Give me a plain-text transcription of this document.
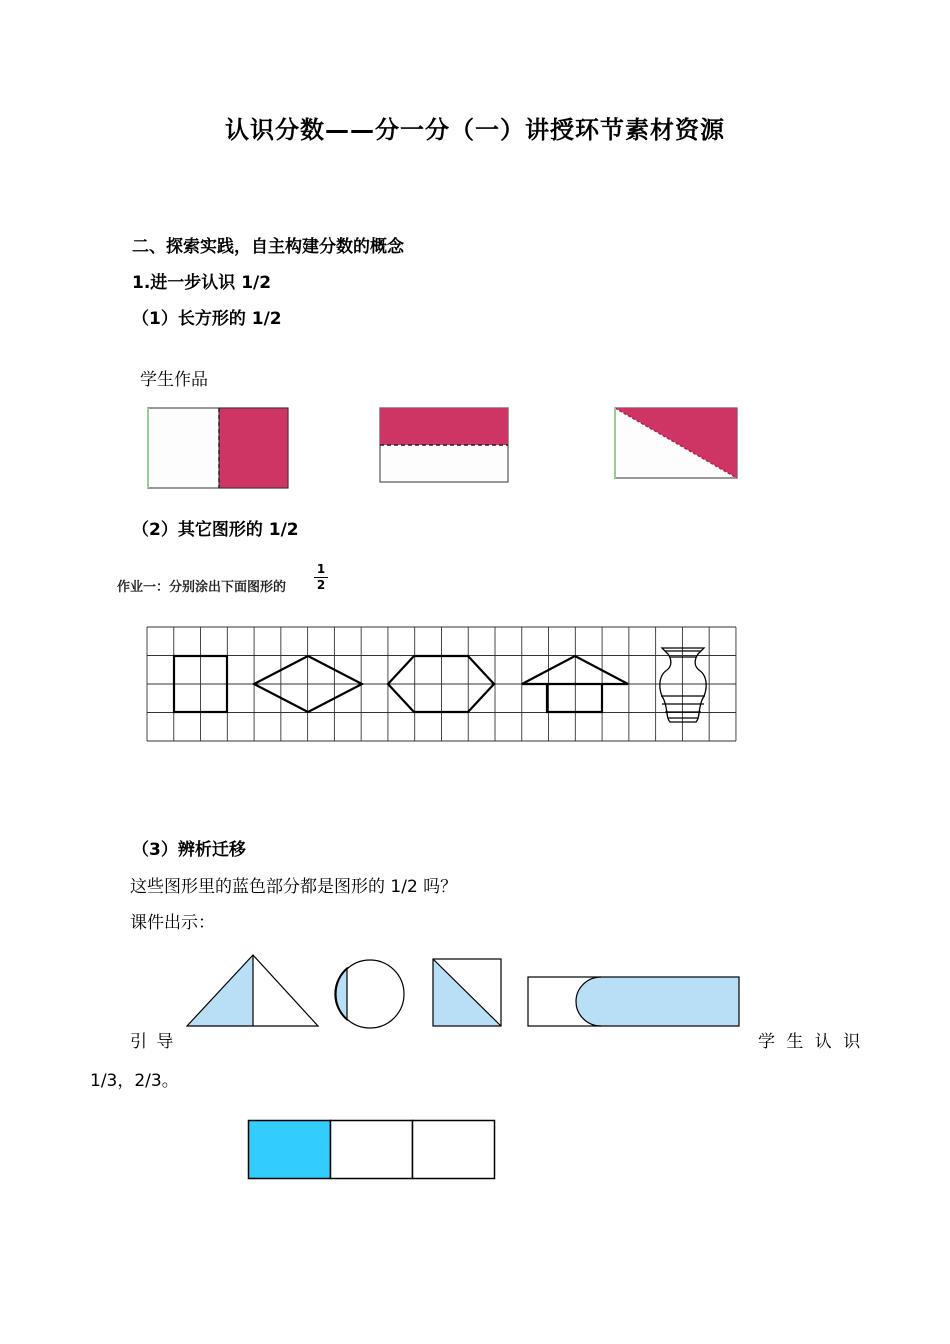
认识分数——分一分（一）讲授环节素材资源
二、探索实践，自主构建分数的概念
1.进一步认识 1/2
（1）长方形的 1/2
学生作品
（2）其它图形的 1/2
作业一：分别涂出下面图形的
1
2
（3）辨析迁移
这些图形里的蓝色部分都是图形的 1/2 吗？
课件出示：
引 导	学 生 认 识
1/3，2/3。
